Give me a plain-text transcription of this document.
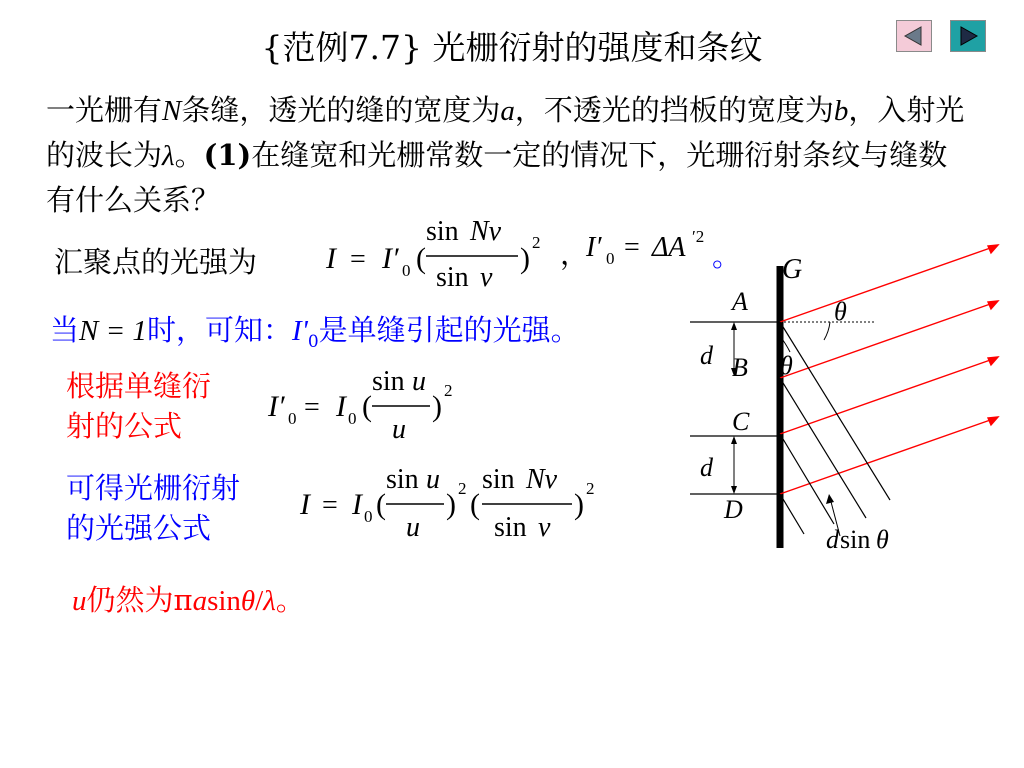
{范例7.7} 光栅衍射的强度和条纹
一光栅有N条缝，透光的缝的宽度为a，不透光的挡板的宽度为b，入射光的波长为λ。(1)在缝宽和光栅常数一定的情况下，光珊衍射条纹与缝数有什么关系？
汇聚点的光强为 I = I′ 0 (
sin Nv
sin v
) 2 ，
I′ 0 = ΔA ′2
。
当N = 1时，可知：$I'_0$是单缝引起的光强。
根据单缝衍
射的公式
I′ 0 = I 0 (
sin u
u
) 2
可得光栅衍射
的光强公式
I = I 0 (
sin u
u
) 2 (
sin Nv
sin v
) 2
u仍然为πasinθ/λ。
G
A
B
C
D
d
d
θ
θ
d sin θ
